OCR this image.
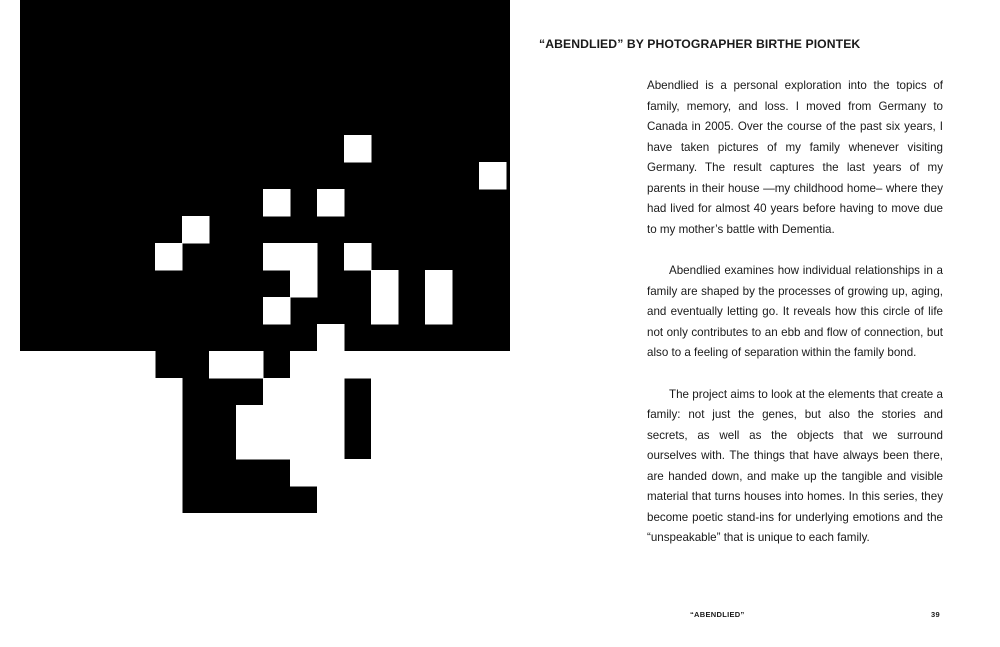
“ABENDLIED” BY PHOTOGRAPHER BIRTHE PIONTEK

Abendlied is a personal exploration into the topics of family, memory, and loss. I moved from Germany to Canada in 2005. Over the course of the past six years, I have taken pictures of my family whenever visiting Germany. The result captures the last years of my parents in their house —my childhood home– where they had lived for almost 40 years before having to move due to my mother’s battle with Dementia.

Abendlied examines how individual relationships in a family are shaped by the processes of growing up, aging, and eventually letting go. It reveals how this circle of life not only contributes to an ebb and flow of connection, but also to a feeling of separation within the family bond.

The project aims to look at the elements that create a family: not just the genes, but also the stories and secrets, as well as the objects that we surround ourselves with. The things that have always been there, are handed down, and make up the tangible and visible material that turns houses into homes. In this series, they become poetic stand-ins for underlying emotions and the “unspeakable” that is unique to each family.

“ABENDLIED”	39
